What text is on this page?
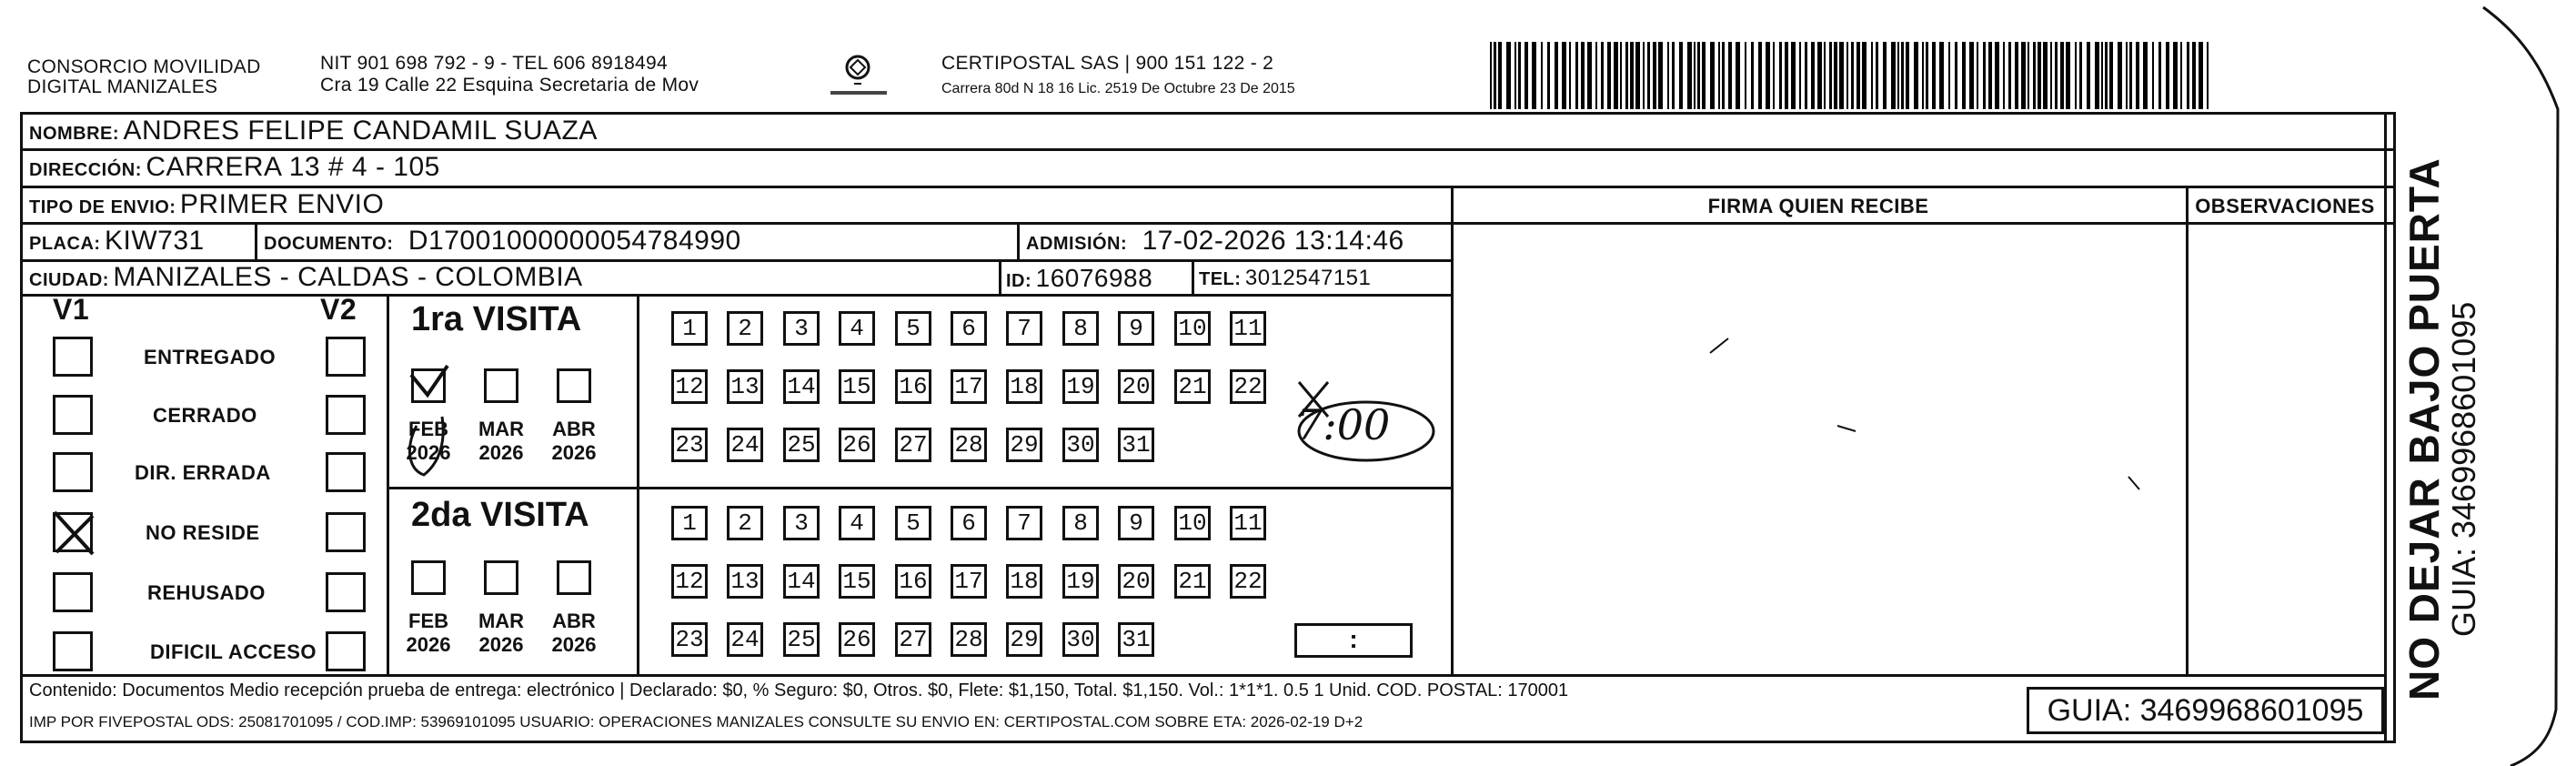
CONSORCIO MOVILIDAD
DIGITAL MANIZALES
NIT 901 698 792 - 9 - TEL 606 8918494
Cra 19 Calle 22 Esquina Secretaria de Mov
CERTIPOSTAL SAS | 900 151 122 - 2
Carrera 80d N 18 16 Lic. 2519 De Octubre 23 De 2015
NOMBRE: ANDRES FELIPE CANDAMIL SUAZA
DIRECCIÓN: CARRERA 13 # 4 - 105
TIPO DE ENVIO: PRIMER ENVIO	FIRMA QUIEN RECIBE	OBSERVACIONES
PLACA: KIW731	DOCUMENTO: D17001000000054784990	ADMISIÓN: 17-02-2026 13:14:46
CIUDAD: MANIZALES - CALDAS - COLOMBIA	ID: 16076988	TEL: 3012547151
V1	V2
ENTREGADO
CERRADO
DIR. ERRADA
NO RESIDE
REHUSADO
DIFICIL ACCESO
1ra VISITA
FEB
2026
MAR
2026
ABR
2026
1	2	3	4	5	6	7	8	9	10 11
12 13 14 15 16 17 18 19 20 21 22
23 24 25 26 27 28 29 30 31	7:00
2da VISITA
FEB
2026
MAR
2026
ABR
2026
1	2	3	4	5	6	7	8	9	10 11
12 13 14 15 16 17 18 19 20 21 22
23 24 25 26 27 28 29 30 31	:	NO DEJAR BAJO PUERTA
GUIA: 3469968601095
Contenido: Documentos Medio recepción prueba de entrega: electrónico | Declarado: $0, % Seguro: $0, Otros. $0, Flete: $1,150, Total. $1,150. Vol.: 1*1*1. 0.5 1 Unid. COD. POSTAL: 170001
IMP POR FIVEPOSTAL ODS: 25081701095 / COD.IMP: 53969101095 USUARIO: OPERACIONES MANIZALES CONSULTE SU ENVIO EN: CERTIPOSTAL.COM SOBRE ETA: 2026-02-19 D+2	GUIA: 3469968601095
